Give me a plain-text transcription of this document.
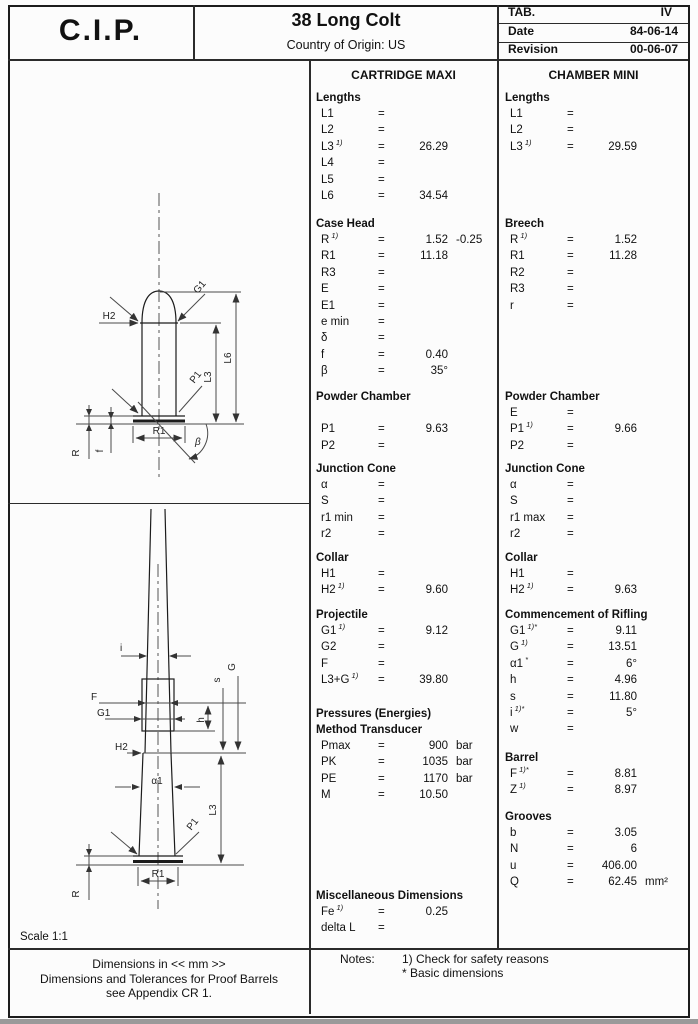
C.I.P.	38 Long Colt
Country of Origin: US
TAB.	IV
Date	84-06-14
Revision	00-06-07
CARTRIDGE MAXI
Lengths
L1	=
L2	=
L3 $^{1)}$	=	26.29
L4	=
L5	=
L6	=	34.54
Case Head
R $^{1)}$	=	1.52 -0.25
R1	=	11.18
R3	=
E	=
E1	=
e min	=
δ	=
f	=	0.40
β	=	35°
Powder Chamber
P1	=	9.63
P2	=
Junction Cone
α	=
S	=
r1 min =
r2	=
Collar
H1	=
H2 $^{1)}$	=	9.60
Projectile
G1 $^{1)}$	=	9.12
G2	=
F	=
L3+G $^{1)}$ =	39.80
Pressures (Energies)
Method Transducer
Pmax =	900 bar
PK	=	1035 bar
PE	=	1170 bar
M	=	10.50
Miscellaneous Dimensions
Fe $^{1)}$	=	0.25
delta L =
CHAMBER MINI
Lengths
L1	=
L2	=
L3 $^{1)}$	=	29.59
Breech
R $^{1)}$	=	1.52
R1	=	11.28
R2	=
R3	=
r	=
Powder Chamber
E	=
P1 $^{1)}$	=	9.66
P2	=
Junction Cone
α	=
S	=
r1 max =
r2	=
Collar
H1	=
H2 $^{1)}$	=	9.63
Commencement of Rifling
G1 $^{1)*}$	=	9.11
G $^{1)}$	=	13.51
α1 *	=	6°
h	=	4.96
s	=	11.80
i $^{1)*}$	=	5°
w	=
Barrel
F $^{1)*}$	=	8.81
Z $^{1)}$	=	8.97
Grooves
b	=	3.05
N	=	6
u	=	406.00
Q	=	62.45 mm²
L6
L3
H2
G1
P1
R1
β
R f
i
F
G1
h
s
G
H2
α1
P1
R1
R
L3
Scale 1:1
Dimensions in << mm >>
Dimensions and Tolerances for Proof Barrels
see Appendix CR 1.
Notes: 1) Check for safety reasons
* Basic dimensions
